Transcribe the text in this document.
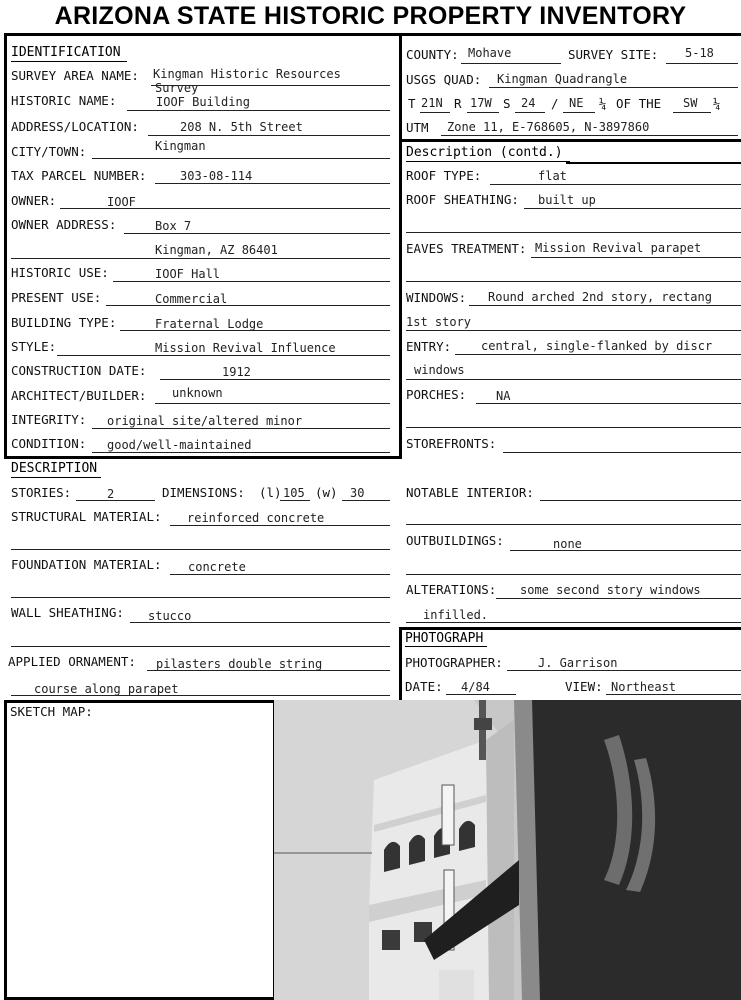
ARIZONA STATE HISTORIC PROPERTY INVENTORY
IDENTIFICATION
SURVEY AREA NAME: Kingman Historic Resources
Survey
HISTORIC NAME:	IOOF Building
ADDRESS/LOCATION:	208 N. 5th Street
CITY/TOWN:	Kingman
TAX PARCEL NUMBER:	303-08-114
OWNER:	IOOF
OWNER ADDRESS:	Box 7
Kingman, AZ 86401
HISTORIC USE:	IOOF Hall
PRESENT USE:	Commercial
BUILDING TYPE:	Fraternal Lodge
STYLE:	Mission Revival Influence
CONSTRUCTION DATE:	1912
ARCHITECT/BUILDER: unknown
INTEGRITY: original site/altered minor
CONDITION: good/well-maintained
COUNTY: Mohave	SURVEY SITE: 5-18
USGS QUAD: Kingman Quadrangle
T 21N R 17W S 24 / NE ¼ OF THE SW ¼
UTM Zone 11, E-768605, N-3897860
Description (contd.)
ROOF TYPE:	flat
ROOF SHEATHING: built up
EAVES TREATMENT: Mission Revival parapet
WINDOWS: Round arched 2nd story, rectang
1st story
ENTRY: central, single-flanked by discr
windows
PORCHES: NA
STOREFRONTS:
DESCRIPTION
STORIES:	2	DIMENSIONS: (l) 105 (w) 30
STRUCTURAL MATERIAL: reinforced concrete
FOUNDATION MATERIAL: concrete
WALL SHEATHING: stucco
APPLIED ORNAMENT: pilasters double string
course along parapet
NOTABLE INTERIOR:
OUTBUILDINGS:	none
ALTERATIONS: some second story windows
infilled.
PHOTOGRAPH
PHOTOGRAPHER:	J. Garrison
DATE: 4/84	VIEW: Northeast
SKETCH MAP:
